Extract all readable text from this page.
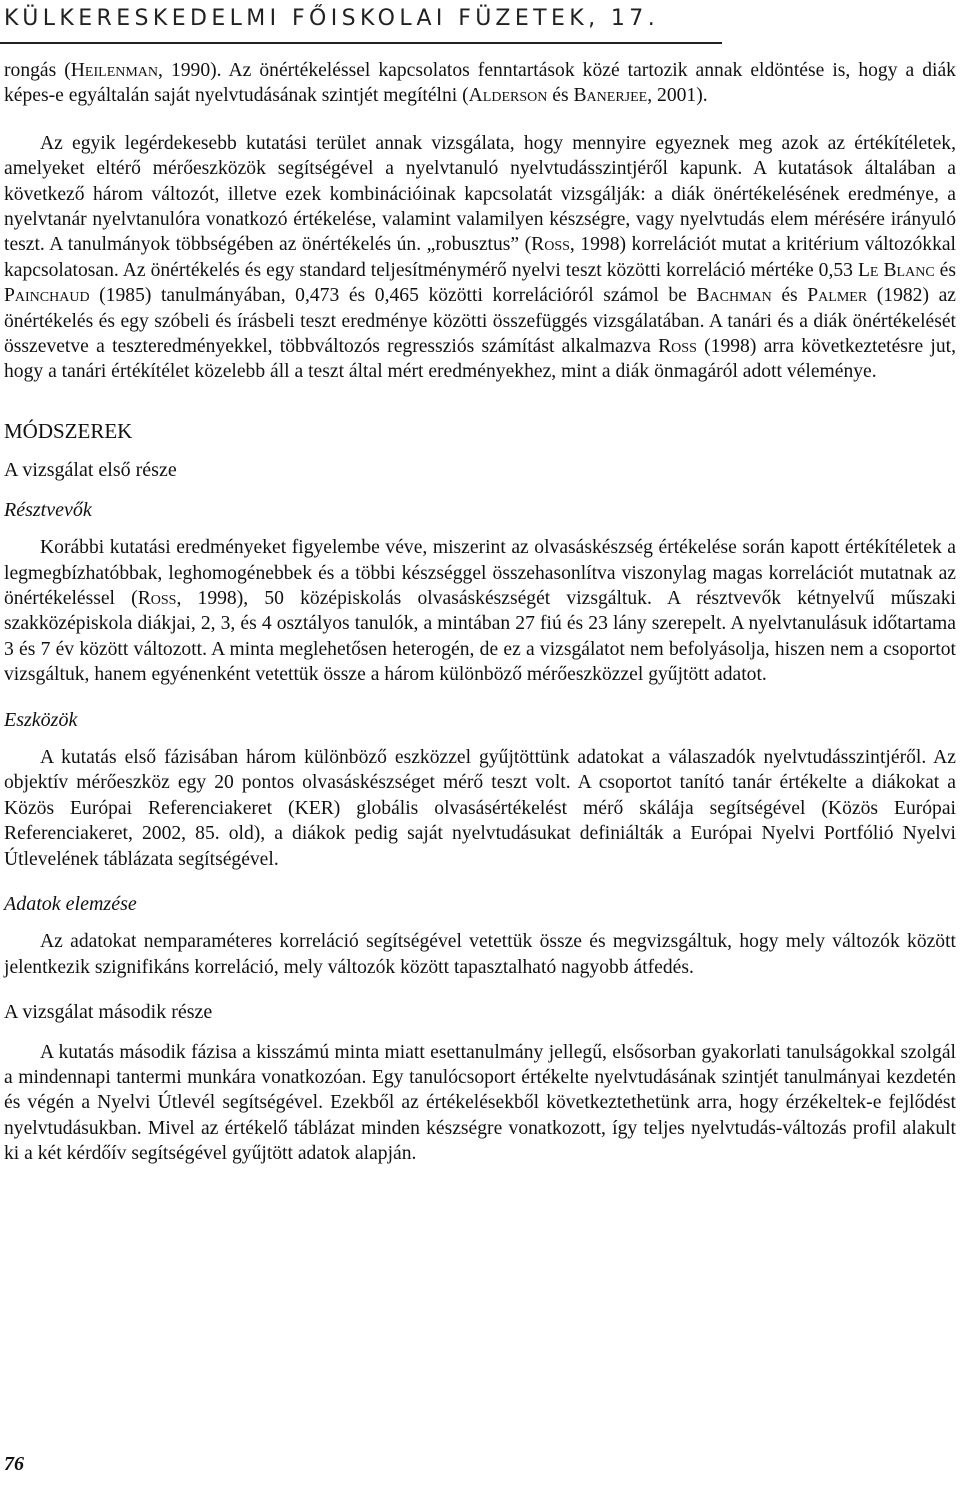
KÜLKERESKEDELMI FŐISKOLAI FÜZETEK, 17.

rongás (Heilenman, 1990). Az önértékeléssel kapcsolatos fenntartások közé tartozik annak eldöntése is, hogy a diák képes-e egyáltalán saját nyelvtudásának szintjét megítélni (Alderson és Banerjee, 2001).

Az egyik legérdekesebb kutatási terület annak vizsgálata, hogy mennyire egyeznek meg azok az értékítéletek, amelyeket eltérő mérőeszközök segítségével a nyelvtanuló nyelvtudásszintjéről kapunk. A kutatások általában a következő három változót, illetve ezek kombinációinak kapcsolatát vizsgálják: a diák önértékelésének eredménye, a nyelvtanár nyelvtanulóra vonatkozó értékelése, valamint valamilyen készségre, vagy nyelvtudás elem mérésére irányuló teszt. A tanulmányok többségében az önértékelés ún. „robusztus” (Ross, 1998) korrelációt mutat a kritérium változókkal kapcsolatosan. Az önértékelés és egy standard teljesítménymérő nyelvi teszt közötti korreláció mértéke 0,53 Le Blanc és Painchaud (1985) tanulmányában, 0,473 és 0,465 közötti korrelációról számol be Bachman és Palmer (1982) az önértékelés és egy szóbeli és írásbeli teszt eredménye közötti összefüggés vizsgálatában. A tanári és a diák önértékelését összevetve a teszteredményekkel, többváltozós regressziós számítást alkalmazva Ross (1998) arra következtetésre jut, hogy a tanári értékítélet közelebb áll a teszt által mért eredményekhez, mint a diák önmagáról adott véleménye.

MÓDSZEREK
A vizsgálat első része
Résztvevők

Korábbi kutatási eredményeket figyelembe véve, miszerint az olvasáskészség értékelése során kapott értékítéletek a legmegbízhatóbbak, leghomogénebbek és a többi készséggel összehasonlítva viszonylag magas korrelációt mutatnak az önértékeléssel (Ross, 1998), 50 középiskolás olvasáskészségét vizsgáltuk. A résztvevők kétnyelvű műszaki szakközépiskola diákjai, 2, 3, és 4 osztályos tanulók, a mintában 27 fiú és 23 lány szerepelt. A nyelvtanulásuk időtartama 3 és 7 év között változott. A minta meglehetősen heterogén, de ez a vizsgálatot nem befolyásolja, hiszen nem a csoportot vizsgáltuk, hanem egyénenként vetettük össze a három különböző mérőeszközzel gyűjtött adatot.

Eszközök

A kutatás első fázisában három különböző eszközzel gyűjtöttünk adatokat a válaszadók nyelvtudásszintjéről. Az objektív mérőeszköz egy 20 pontos olvasáskészséget mérő teszt volt. A csoportot tanító tanár értékelte a diákokat a Közös Európai Referenciakeret (KER) globális olvasásértékelést mérő skálája segítségével (Közös Európai Referenciakeret, 2002, 85. old), a diákok pedig saját nyelvtudásukat definiálták a Európai Nyelvi Portfólió Nyelvi Útlevelének táblázata segítségével.

Adatok elemzése

Az adatokat nemparaméteres korreláció segítségével vetettük össze és megvizsgáltuk, hogy mely változók között jelentkezik szignifikáns korreláció, mely változók között tapasztalható nagyobb átfedés.

A vizsgálat második része

A kutatás második fázisa a kisszámú minta miatt esettanulmány jellegű, elsősorban gyakorlati tanulságokkal szolgál a mindennapi tantermi munkára vonatkozóan. Egy tanulócsoport értékelte nyelvtudásának szintjét tanulmányai kezdetén és végén a Nyelvi Útlevél segítségével. Ezekből az értékelésekből következtethetünk arra, hogy érzékeltek-e fejlődést nyelvtudásukban. Mivel az értékelő táblázat minden készségre vonatkozott, így teljes nyelvtudás-változás profil alakult ki a két kérdőív segítségével gyűjtött adatok alapján.

76
